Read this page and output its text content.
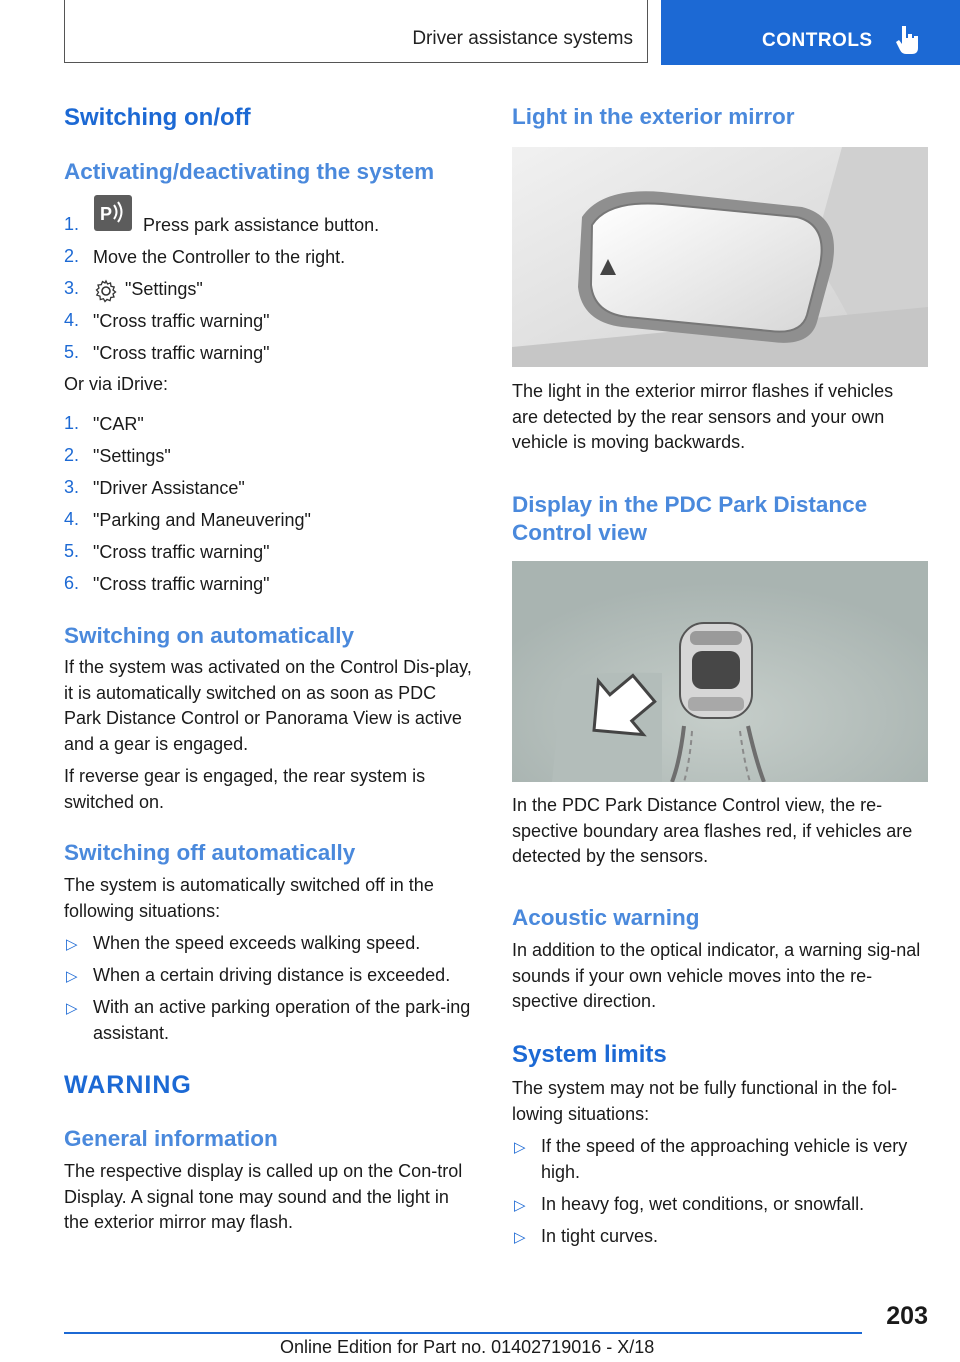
Driver assistance systems	CONTROLS
Switching on/off
Activating/deactivating the system
1. P
Press park assistance button.
2. Move the Controller to the right.
3.	"Settings"
4. "Cross traffic warning"
5. "Cross traffic warning"

Or via iDrive:

1. "CAR"
2. "Settings"
3. "Driver Assistance"
4. "Parking and Maneuvering"
5. "Cross traffic warning"
6. "Cross traffic warning"
Switching on automatically

If the system was activated on the Control Dis-play, it is automatically switched on as soon as PDC Park Distance Control or Panorama View is active and a gear is engaged.

If reverse gear is engaged, the rear system is switched on.

Switching off automatically

The system is automatically switched off in the following situations:

▷ When the speed exceeds walking speed.
▷ When a certain driving distance is exceeded.
▷ With an active parking operation of the park-ing assistant.

WARNING
General information

The respective display is called up on the Con-trol Display. A signal tone may sound and the light in the exterior mirror may flash.

Light in the exterior mirror

The light in the exterior mirror flashes if vehicles are detected by the rear sensors and your own vehicle is moving backwards.

Display in the PDC Park Distance Control view

In the PDC Park Distance Control view, the re-spective boundary area flashes red, if vehicles are detected by the sensors.

Acoustic warning

In addition to the optical indicator, a warning sig-nal sounds if your own vehicle moves into the re-spective direction.

System limits

The system may not be fully functional in the fol-lowing situations:

▷ If the speed of the approaching vehicle is very high.

▷ In heavy fog, wet conditions, or snowfall.
▷ In tight curves.
203
Online Edition for Part no. 01402719016 - X/18
